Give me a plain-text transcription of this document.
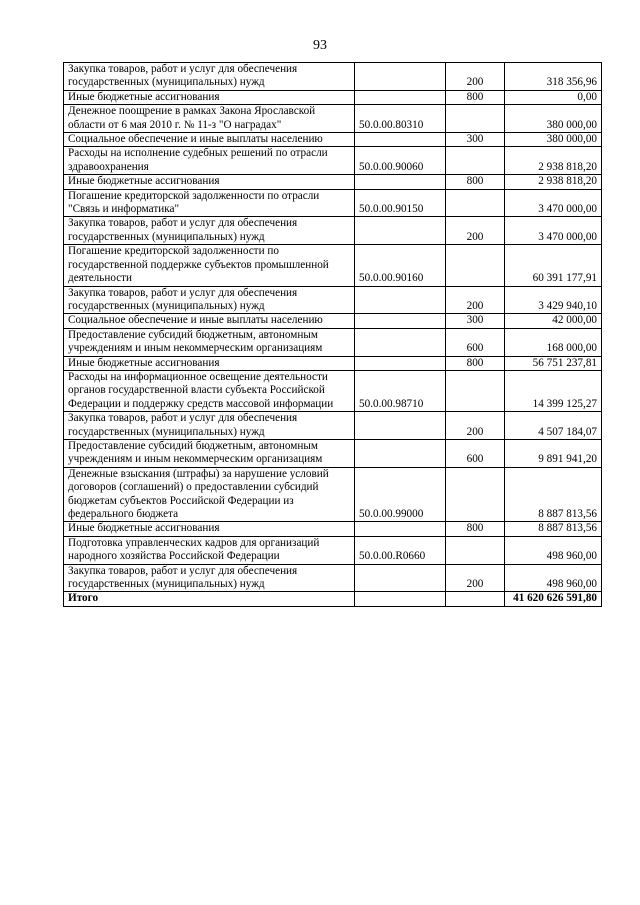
93
Закупка товаров, работ и услуг для обеспечения государственных (муниципальных) нужд		200	318 356,96
Иные бюджетные ассигнования		800	0,00
Денежное поощрение в рамках Закона Ярославской области от 6 мая 2010 г. № 11-з "О наградах"	50.0.00.80310		380 000,00
Социальное обеспечение и иные выплаты населению		300	380 000,00
Расходы на исполнение судебных решений по отрасли здравоохранения	50.0.00.90060		2 938 818,20
Иные бюджетные ассигнования		800	2 938 818,20
Погашение кредиторской задолженности по отрасли "Связь и информатика"	50.0.00.90150		3 470 000,00
Закупка товаров, работ и услуг для обеспечения государственных (муниципальных) нужд		200	3 470 000,00
Погашение кредиторской задолженности по государственной поддержке субъектов промышленной деятельности	50.0.00.90160		60 391 177,91
Закупка товаров, работ и услуг для обеспечения государственных (муниципальных) нужд		200	3 429 940,10
Социальное обеспечение и иные выплаты населению		300	42 000,00
Предоставление субсидий бюджетным, автономным учреждениям и иным некоммерческим организациям		600	168 000,00
Иные бюджетные ассигнования		800	56 751 237,81
Расходы на информационное освещение деятельности органов государственной власти субъекта Российской Федерации и поддержку средств массовой информации	50.0.00.98710		14 399 125,27
Закупка товаров, работ и услуг для обеспечения государственных (муниципальных) нужд		200	4 507 184,07
Предоставление субсидий бюджетным, автономным учреждениям и иным некоммерческим организациям		600	9 891 941,20
Денежные взыскания (штрафы) за нарушение условий договоров (соглашений) о предоставлении субсидий бюджетам субъектов Российской Федерации из федерального бюджета	50.0.00.99000		8 887 813,56
Иные бюджетные ассигнования		800	8 887 813,56
Подготовка управленческих кадров для организаций народного хозяйства Российской Федерации	50.0.00.R0660		498 960,00
Закупка товаров, работ и услуг для обеспечения государственных (муниципальных) нужд		200	498 960,00
Итого			41 620 626 591,80
